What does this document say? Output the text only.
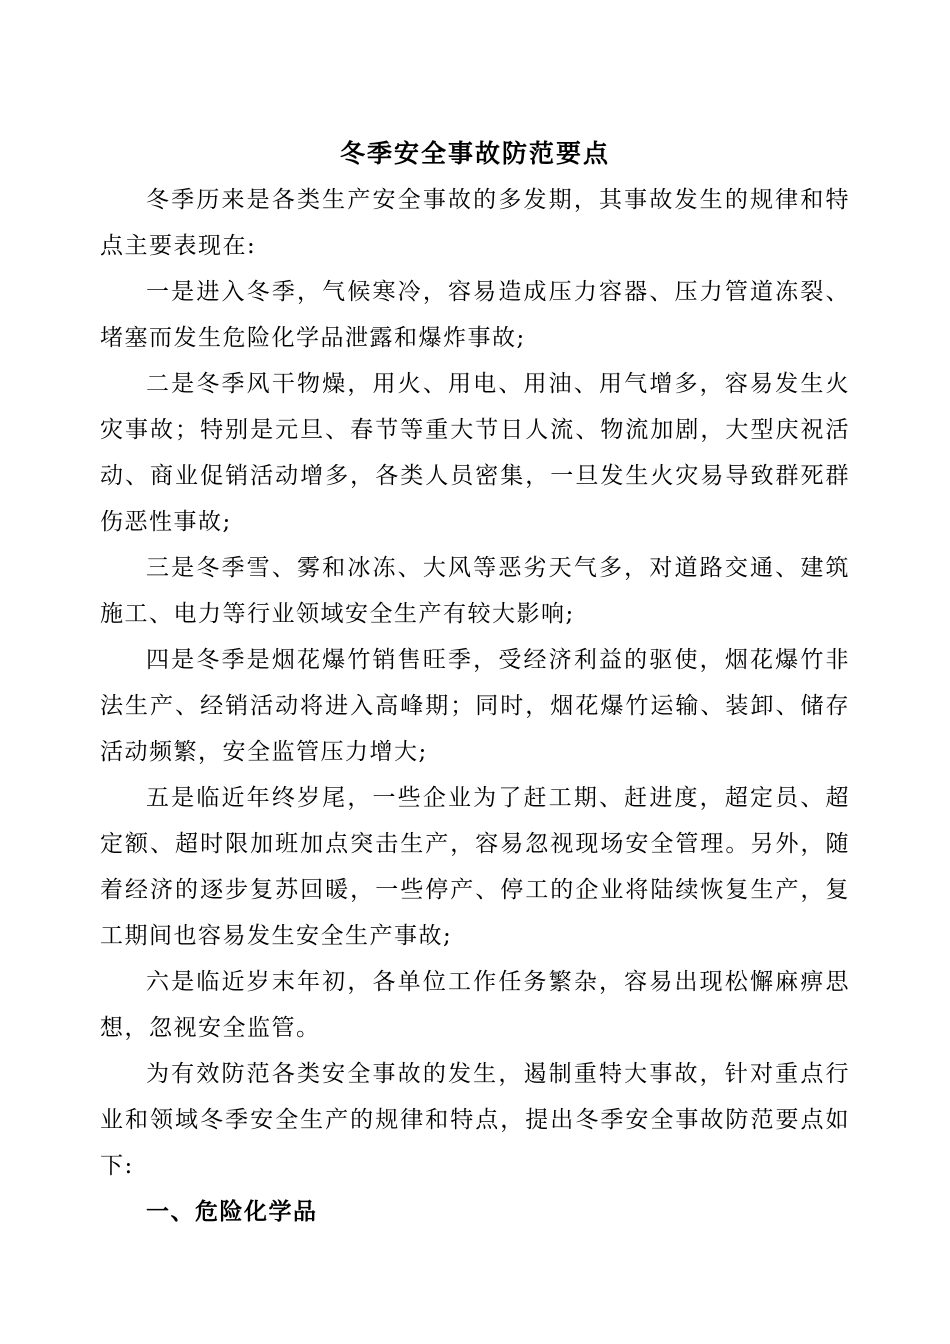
冬季安全事故防范要点

冬季历来是各类生产安全事故的多发期，其事故发生的规律和特点主要表现在:

一是进入冬季，气候寒冷，容易造成压力容器、压力管道冻裂、堵塞而发生危险化学品泄露和爆炸事故;

二是冬季风干物燥，用火、用电、用油、用气增多，容易发生火灾事故；特别是元旦、春节等重大节日人流、物流加剧，大型庆祝活动、商业促销活动增多，各类人员密集，一旦发生火灾易导致群死群伤恶性事故;

三是冬季雪、雾和冰冻、大风等恶劣天气多，对道路交通、建筑施工、电力等行业领域安全生产有较大影响;

四是冬季是烟花爆竹销售旺季，受经济利益的驱使，烟花爆竹非法生产、经销活动将进入高峰期；同时，烟花爆竹运输、装卸、储存活动频繁，安全监管压力增大;

五是临近年终岁尾，一些企业为了赶工期、赶进度，超定员、超定额、超时限加班加点突击生产，容易忽视现场安全管理。另外，随着经济的逐步复苏回暖，一些停产、停工的企业将陆续恢复生产，复工期间也容易发生安全生产事故;

六是临近岁末年初，各单位工作任务繁杂，容易出现松懈麻痹思想，忽视安全监管。

为有效防范各类安全事故的发生，遏制重特大事故，针对重点行业和领域冬季安全生产的规律和特点，提出冬季安全事故防范要点如下:

一、危险化学品
